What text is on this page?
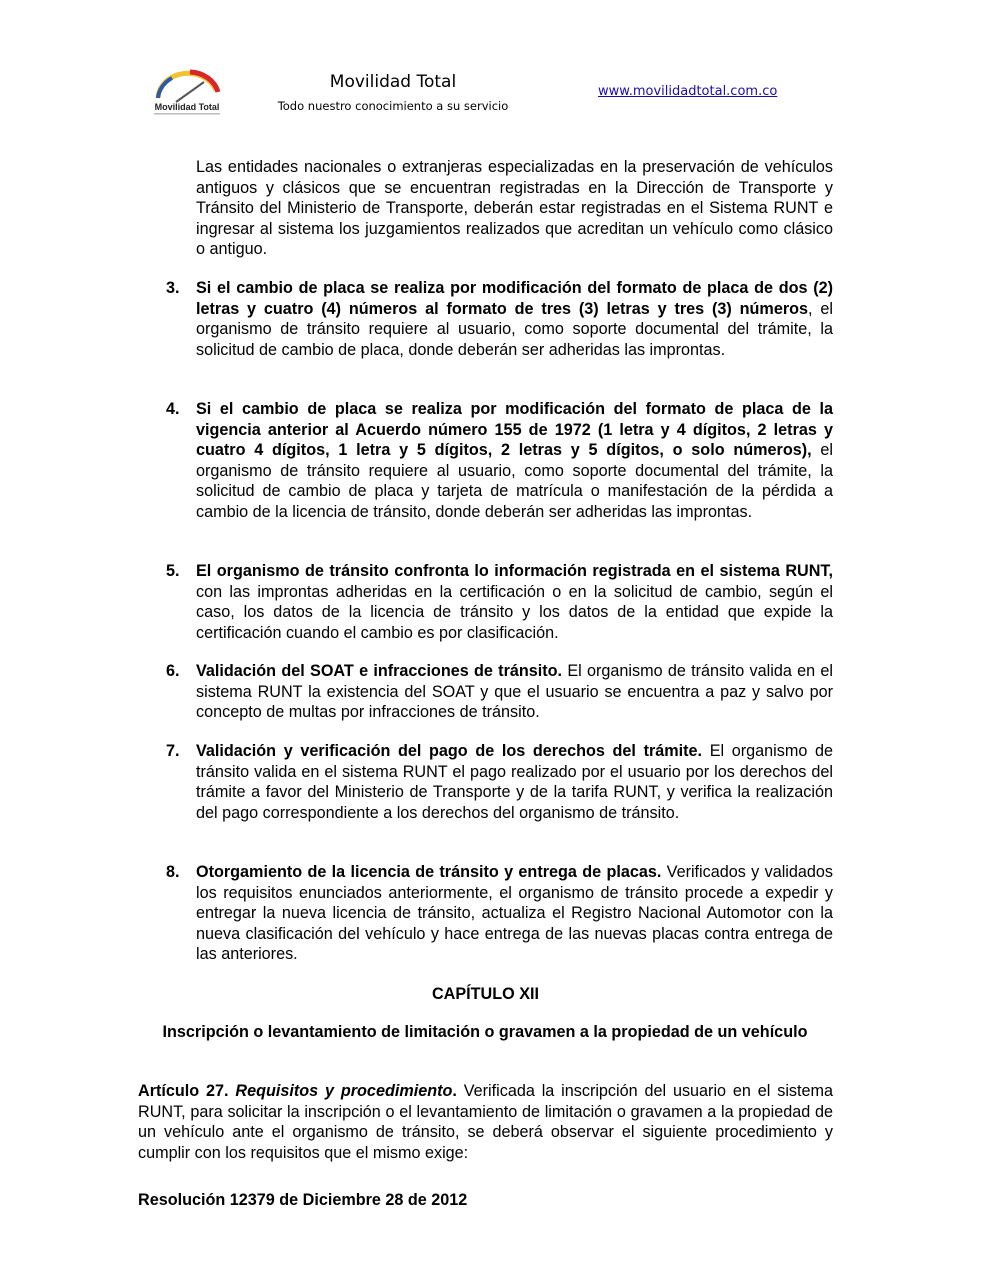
Movilidad Total
Movilidad Total
Todo nuestro conocimiento a su servicio
www.movilidadtotal.com.co

Las entidades nacionales o extranjeras especializadas en la preservación de vehículos antiguos y clásicos que se encuentran registradas en la Dirección de Transporte y Tránsito del Ministerio de Transporte, deberán estar registradas en el Sistema RUNT e ingresar al sistema los juzgamientos realizados que acreditan un vehículo como clásico o antiguo.

3. Si el cambio de placa se realiza por modificación del formato de placa de dos (2) letras y cuatro (4) números al formato de tres (3) letras y tres (3) números, el organismo de tránsito requiere al usuario, como soporte documental del trámite, la solicitud de cambio de placa, donde deberán ser adheridas las improntas.

4. Si el cambio de placa se realiza por modificación del formato de placa de la vigencia anterior al Acuerdo número 155 de 1972 (1 letra y 4 dígitos, 2 letras y cuatro 4 dígitos, 1 letra y 5 dígitos, 2 letras y 5 dígitos, o solo números), el organismo de tránsito requiere al usuario, como soporte documental del trámite, la solicitud de cambio de placa y tarjeta de matrícula o manifestación de la pérdida a cambio de la licencia de tránsito, donde deberán ser adheridas las improntas.

5. El organismo de tránsito confronta lo información registrada en el sistema RUNT, con las improntas adheridas en la certificación o en la solicitud de cambio, según el caso, los datos de la licencia de tránsito y los datos de la entidad que expide la certificación cuando el cambio es por clasificación.

6. Validación del SOAT e infracciones de tránsito. El organismo de tránsito valida en el sistema RUNT la existencia del SOAT y que el usuario se encuentra a paz y salvo por concepto de multas por infracciones de tránsito.

7. Validación y verificación del pago de los derechos del trámite. El organismo de tránsito valida en el sistema RUNT el pago realizado por el usuario por los derechos del trámite a favor del Ministerio de Transporte y de la tarifa RUNT, y verifica la realización del pago correspondiente a los derechos del organismo de tránsito.

8. Otorgamiento de la licencia de tránsito y entrega de placas. Verificados y validados los requisitos enunciados anteriormente, el organismo de tránsito procede a expedir y entregar la nueva licencia de tránsito, actualiza el Registro Nacional Automotor con la nueva clasificación del vehículo y hace entrega de las nuevas placas contra entrega de las anteriores.

CAPÍTULO XII
Inscripción o levantamiento de limitación o gravamen a la propiedad de un vehículo

Artículo 27. Requisitos y procedimiento. Verificada la inscripción del usuario en el sistema RUNT, para solicitar la inscripción o el levantamiento de limitación o gravamen a la propiedad de un vehículo ante el organismo de tránsito, se deberá observar el siguiente procedimiento y cumplir con los requisitos que el mismo exige:

Resolución 12379 de Diciembre 28 de 2012
